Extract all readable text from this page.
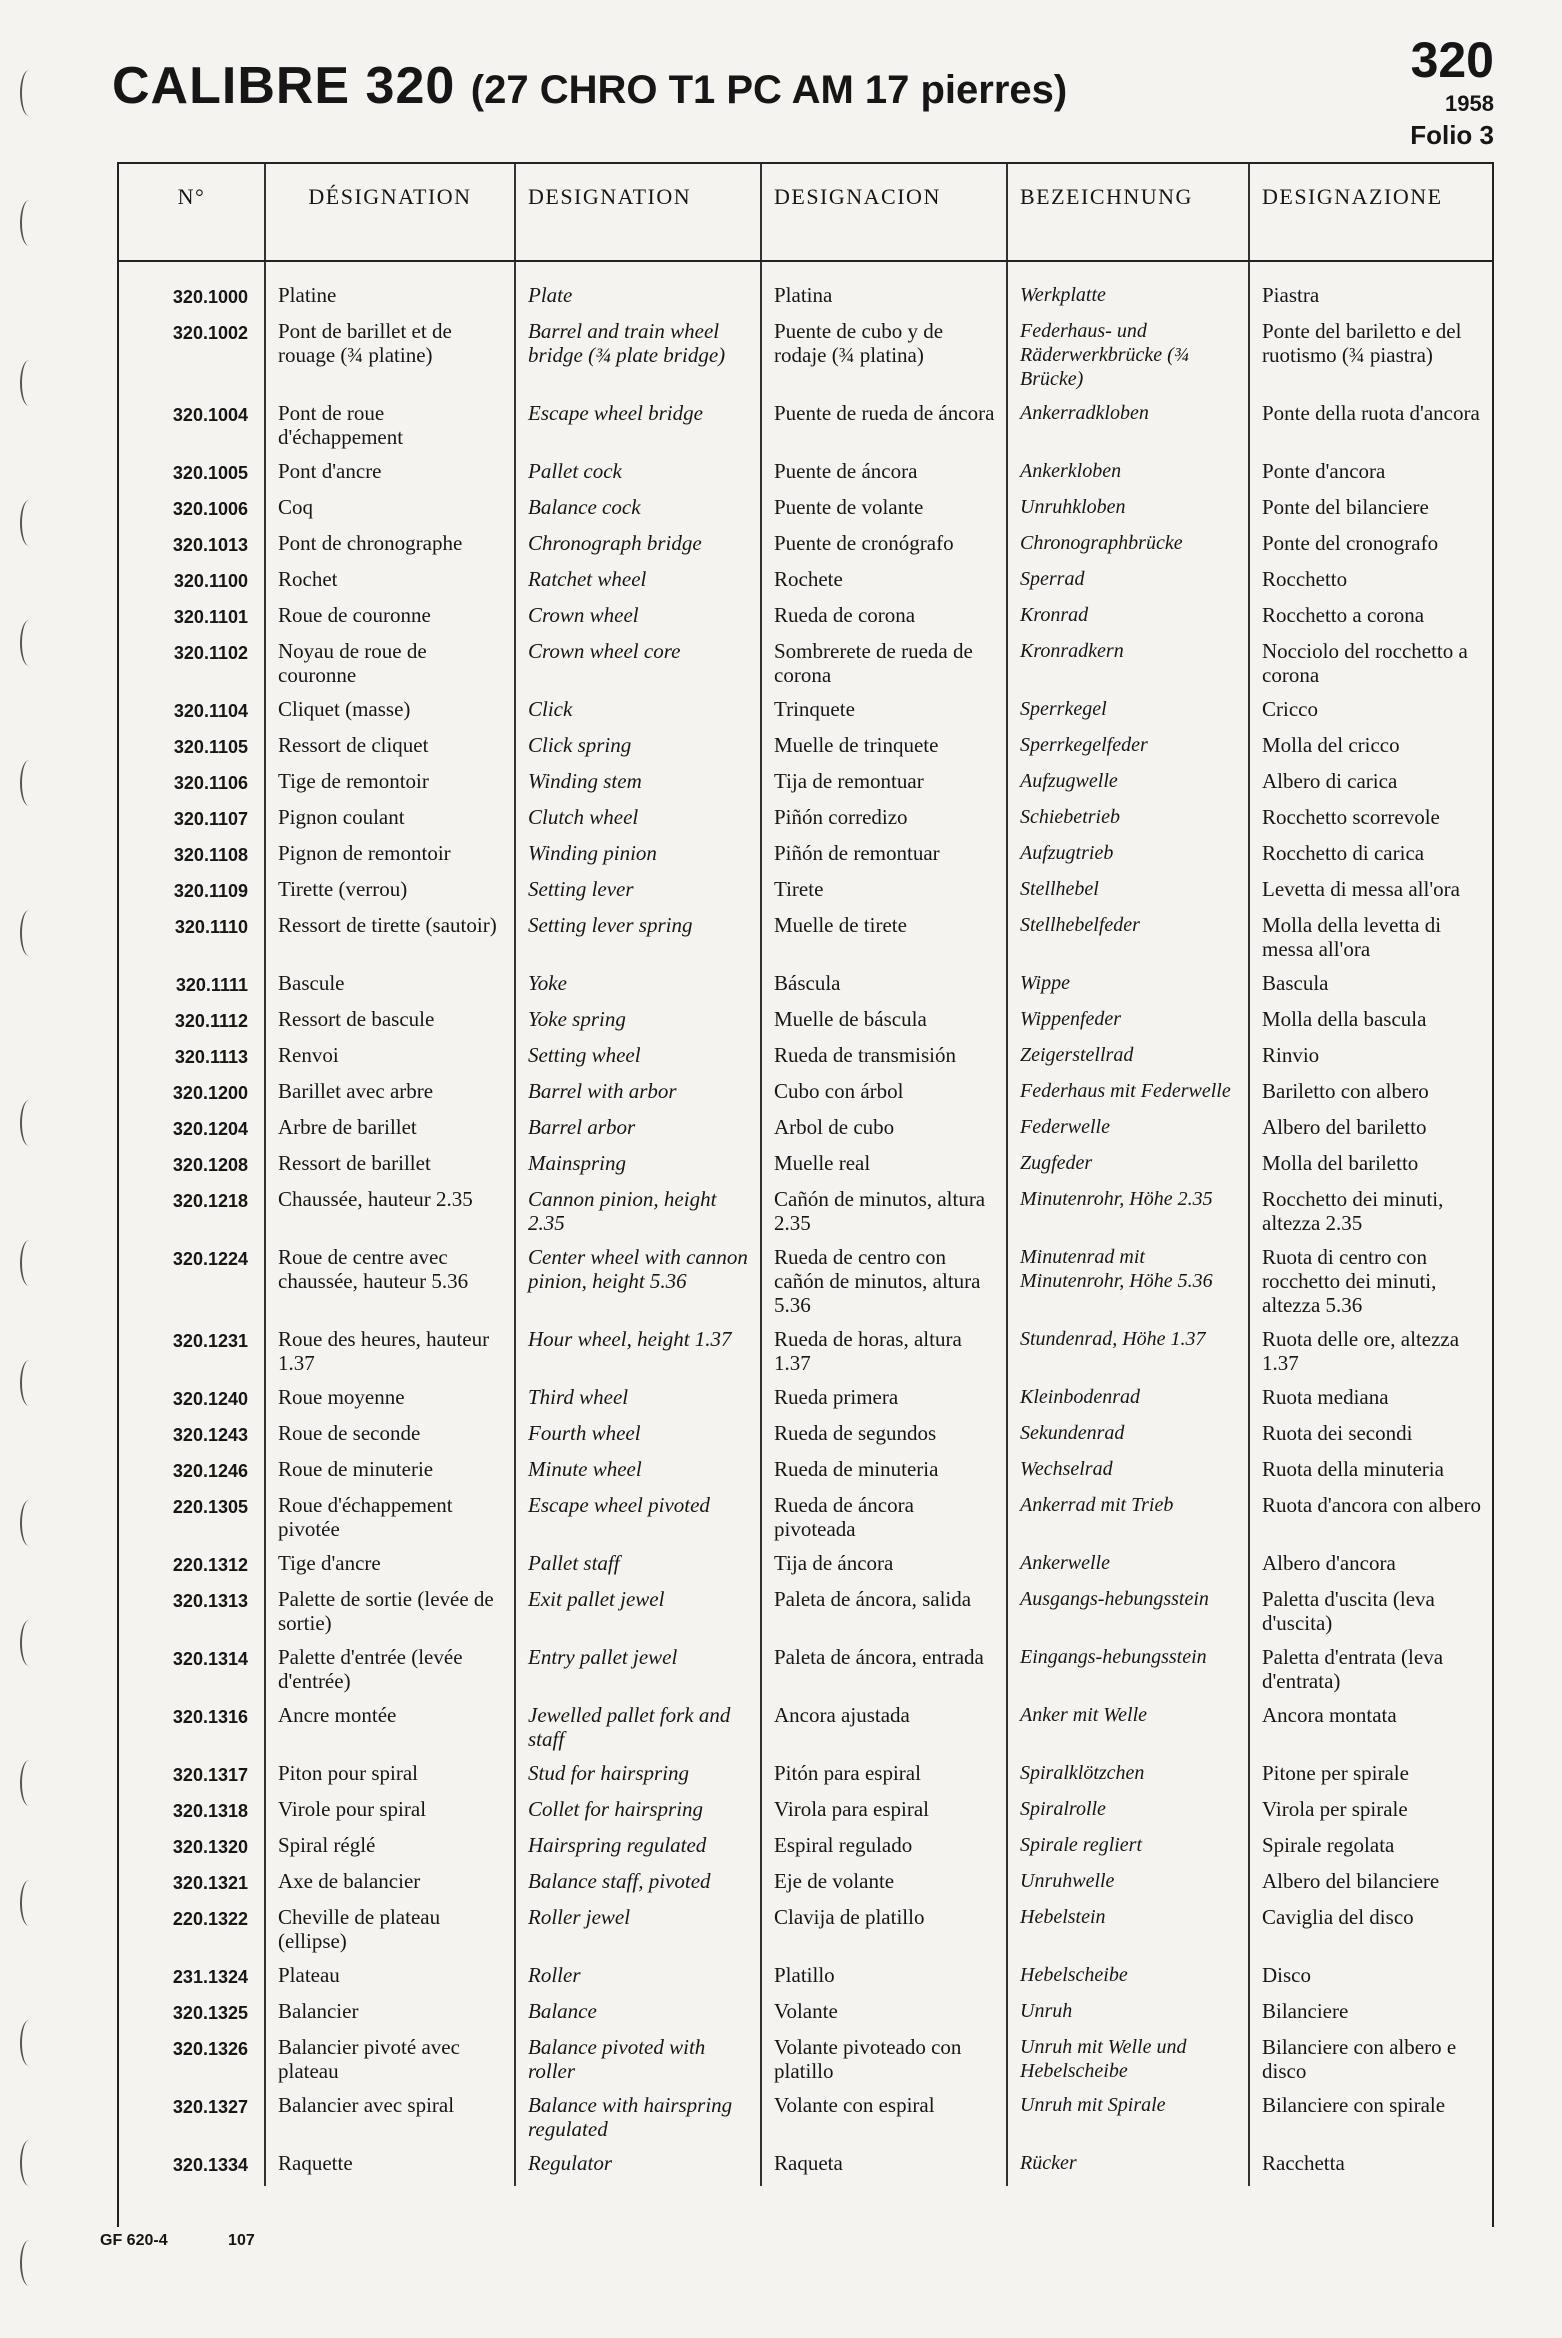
CALIBRE 320 (27 CHRO T1 PC AM 17 pierres)
320
1958
Folio 3
N°	DÉSIGNATION	DESIGNATION	DESIGNACION	BEZEICHNUNG	DESIGNAZIONE

320.1000	Platine	Plate	Platina	Werkplatte	Piastra
320.1002	Pont de barillet et de rouage (¾ platine)	Barrel and train wheel bridge (¾ plate bridge)	Puente de cubo y de rodaje (¾ platina)	Federhaus- und Räderwerkbrücke (¾ Brücke)	Ponte del bariletto e del ruotismo (¾ piastra)
320.1004	Pont de roue d'échappement	Escape wheel bridge	Puente de rueda de áncora	Ankerradkloben	Ponte della ruota d'ancora
320.1005	Pont d'ancre	Pallet cock	Puente de áncora	Ankerkloben	Ponte d'ancora
320.1006	Coq	Balance cock	Puente de volante	Unruhkloben	Ponte del bilanciere
320.1013	Pont de chronographe	Chronograph bridge	Puente de cronógrafo	Chronographbrücke	Ponte del cronografo
320.1100	Rochet	Ratchet wheel	Rochete	Sperrad	Rocchetto
320.1101	Roue de couronne	Crown wheel	Rueda de corona	Kronrad	Rocchetto a corona
320.1102	Noyau de roue de couronne	Crown wheel core	Sombrerete de rueda de corona	Kronradkern	Nocciolo del rocchetto a corona
320.1104	Cliquet (masse)	Click	Trinquete	Sperrkegel	Cricco
320.1105	Ressort de cliquet	Click spring	Muelle de trinquete	Sperrkegelfeder	Molla del cricco
320.1106	Tige de remontoir	Winding stem	Tija de remontuar	Aufzugwelle	Albero di carica
320.1107	Pignon coulant	Clutch wheel	Piñón corredizo	Schiebetrieb	Rocchetto scorrevole
320.1108	Pignon de remontoir	Winding pinion	Piñón de remontuar	Aufzugtrieb	Rocchetto di carica
320.1109	Tirette (verrou)	Setting lever	Tirete	Stellhebel	Levetta di messa all'ora
320.1110	Ressort de tirette (sautoir)	Setting lever spring	Muelle de tirete	Stellhebelfeder	Molla della levetta di messa all'ora
320.1111	Bascule	Yoke	Báscula	Wippe	Bascula
320.1112	Ressort de bascule	Yoke spring	Muelle de báscula	Wippenfeder	Molla della bascula
320.1113	Renvoi	Setting wheel	Rueda de transmisión	Zeigerstellrad	Rinvio
320.1200	Barillet avec arbre	Barrel with arbor	Cubo con árbol	Federhaus mit Federwelle	Bariletto con albero
320.1204	Arbre de barillet	Barrel arbor	Arbol de cubo	Federwelle	Albero del bariletto
320.1208	Ressort de barillet	Mainspring	Muelle real	Zugfeder	Molla del bariletto
320.1218	Chaussée, hauteur 2.35	Cannon pinion, height 2.35	Cañón de minutos, altura 2.35	Minutenrohr, Höhe 2.35	Rocchetto dei minuti, altezza 2.35
320.1224	Roue de centre avec chaussée, hauteur 5.36	Center wheel with cannon pinion, height 5.36	Rueda de centro con cañón de minutos, altura 5.36	Minutenrad mit Minutenrohr, Höhe 5.36	Ruota di centro con rocchetto dei minuti, altezza 5.36
320.1231	Roue des heures, hauteur 1.37	Hour wheel, height 1.37	Rueda de horas, altura 1.37	Stundenrad, Höhe 1.37	Ruota delle ore, altezza 1.37
320.1240	Roue moyenne	Third wheel	Rueda primera	Kleinbodenrad	Ruota mediana
320.1243	Roue de seconde	Fourth wheel	Rueda de segundos	Sekundenrad	Ruota dei secondi
320.1246	Roue de minuterie	Minute wheel	Rueda de minuteria	Wechselrad	Ruota della minuteria
220.1305	Roue d'échappement pivotée	Escape wheel pivoted	Rueda de áncora pivoteada	Ankerrad mit Trieb	Ruota d'ancora con albero
220.1312	Tige d'ancre	Pallet staff	Tija de áncora	Ankerwelle	Albero d'ancora
320.1313	Palette de sortie (levée de sortie)	Exit pallet jewel	Paleta de áncora, salida	Ausgangs-hebungsstein	Paletta d'uscita (leva d'uscita)
320.1314	Palette d'entrée (levée d'entrée)	Entry pallet jewel	Paleta de áncora, entrada	Eingangs-hebungsstein	Paletta d'entrata (leva d'entrata)
320.1316	Ancre montée	Jewelled pallet fork and staff	Ancora ajustada	Anker mit Welle	Ancora montata
320.1317	Piton pour spiral	Stud for hairspring	Pitón para espiral	Spiralklötzchen	Pitone per spirale
320.1318	Virole pour spiral	Collet for hairspring	Virola para espiral	Spiralrolle	Virola per spirale
320.1320	Spiral réglé	Hairspring regulated	Espiral regulado	Spirale regliert	Spirale regolata
320.1321	Axe de balancier	Balance staff, pivoted	Eje de volante	Unruhwelle	Albero del bilanciere
220.1322	Cheville de plateau (ellipse)	Roller jewel	Clavija de platillo	Hebelstein	Caviglia del disco
231.1324	Plateau	Roller	Platillo	Hebelscheibe	Disco
320.1325	Balancier	Balance	Volante	Unruh	Bilanciere
320.1326	Balancier pivoté avec plateau	Balance pivoted with roller	Volante pivoteado con platillo	Unruh mit Welle und Hebelscheibe	Bilanciere con albero e disco
320.1327	Balancier avec spiral	Balance with hairspring regulated	Volante con espiral	Unruh mit Spirale	Bilanciere con spirale
320.1334	Raquette	Regulator	Raqueta	Rücker	Racchetta
GF 620-4	107
